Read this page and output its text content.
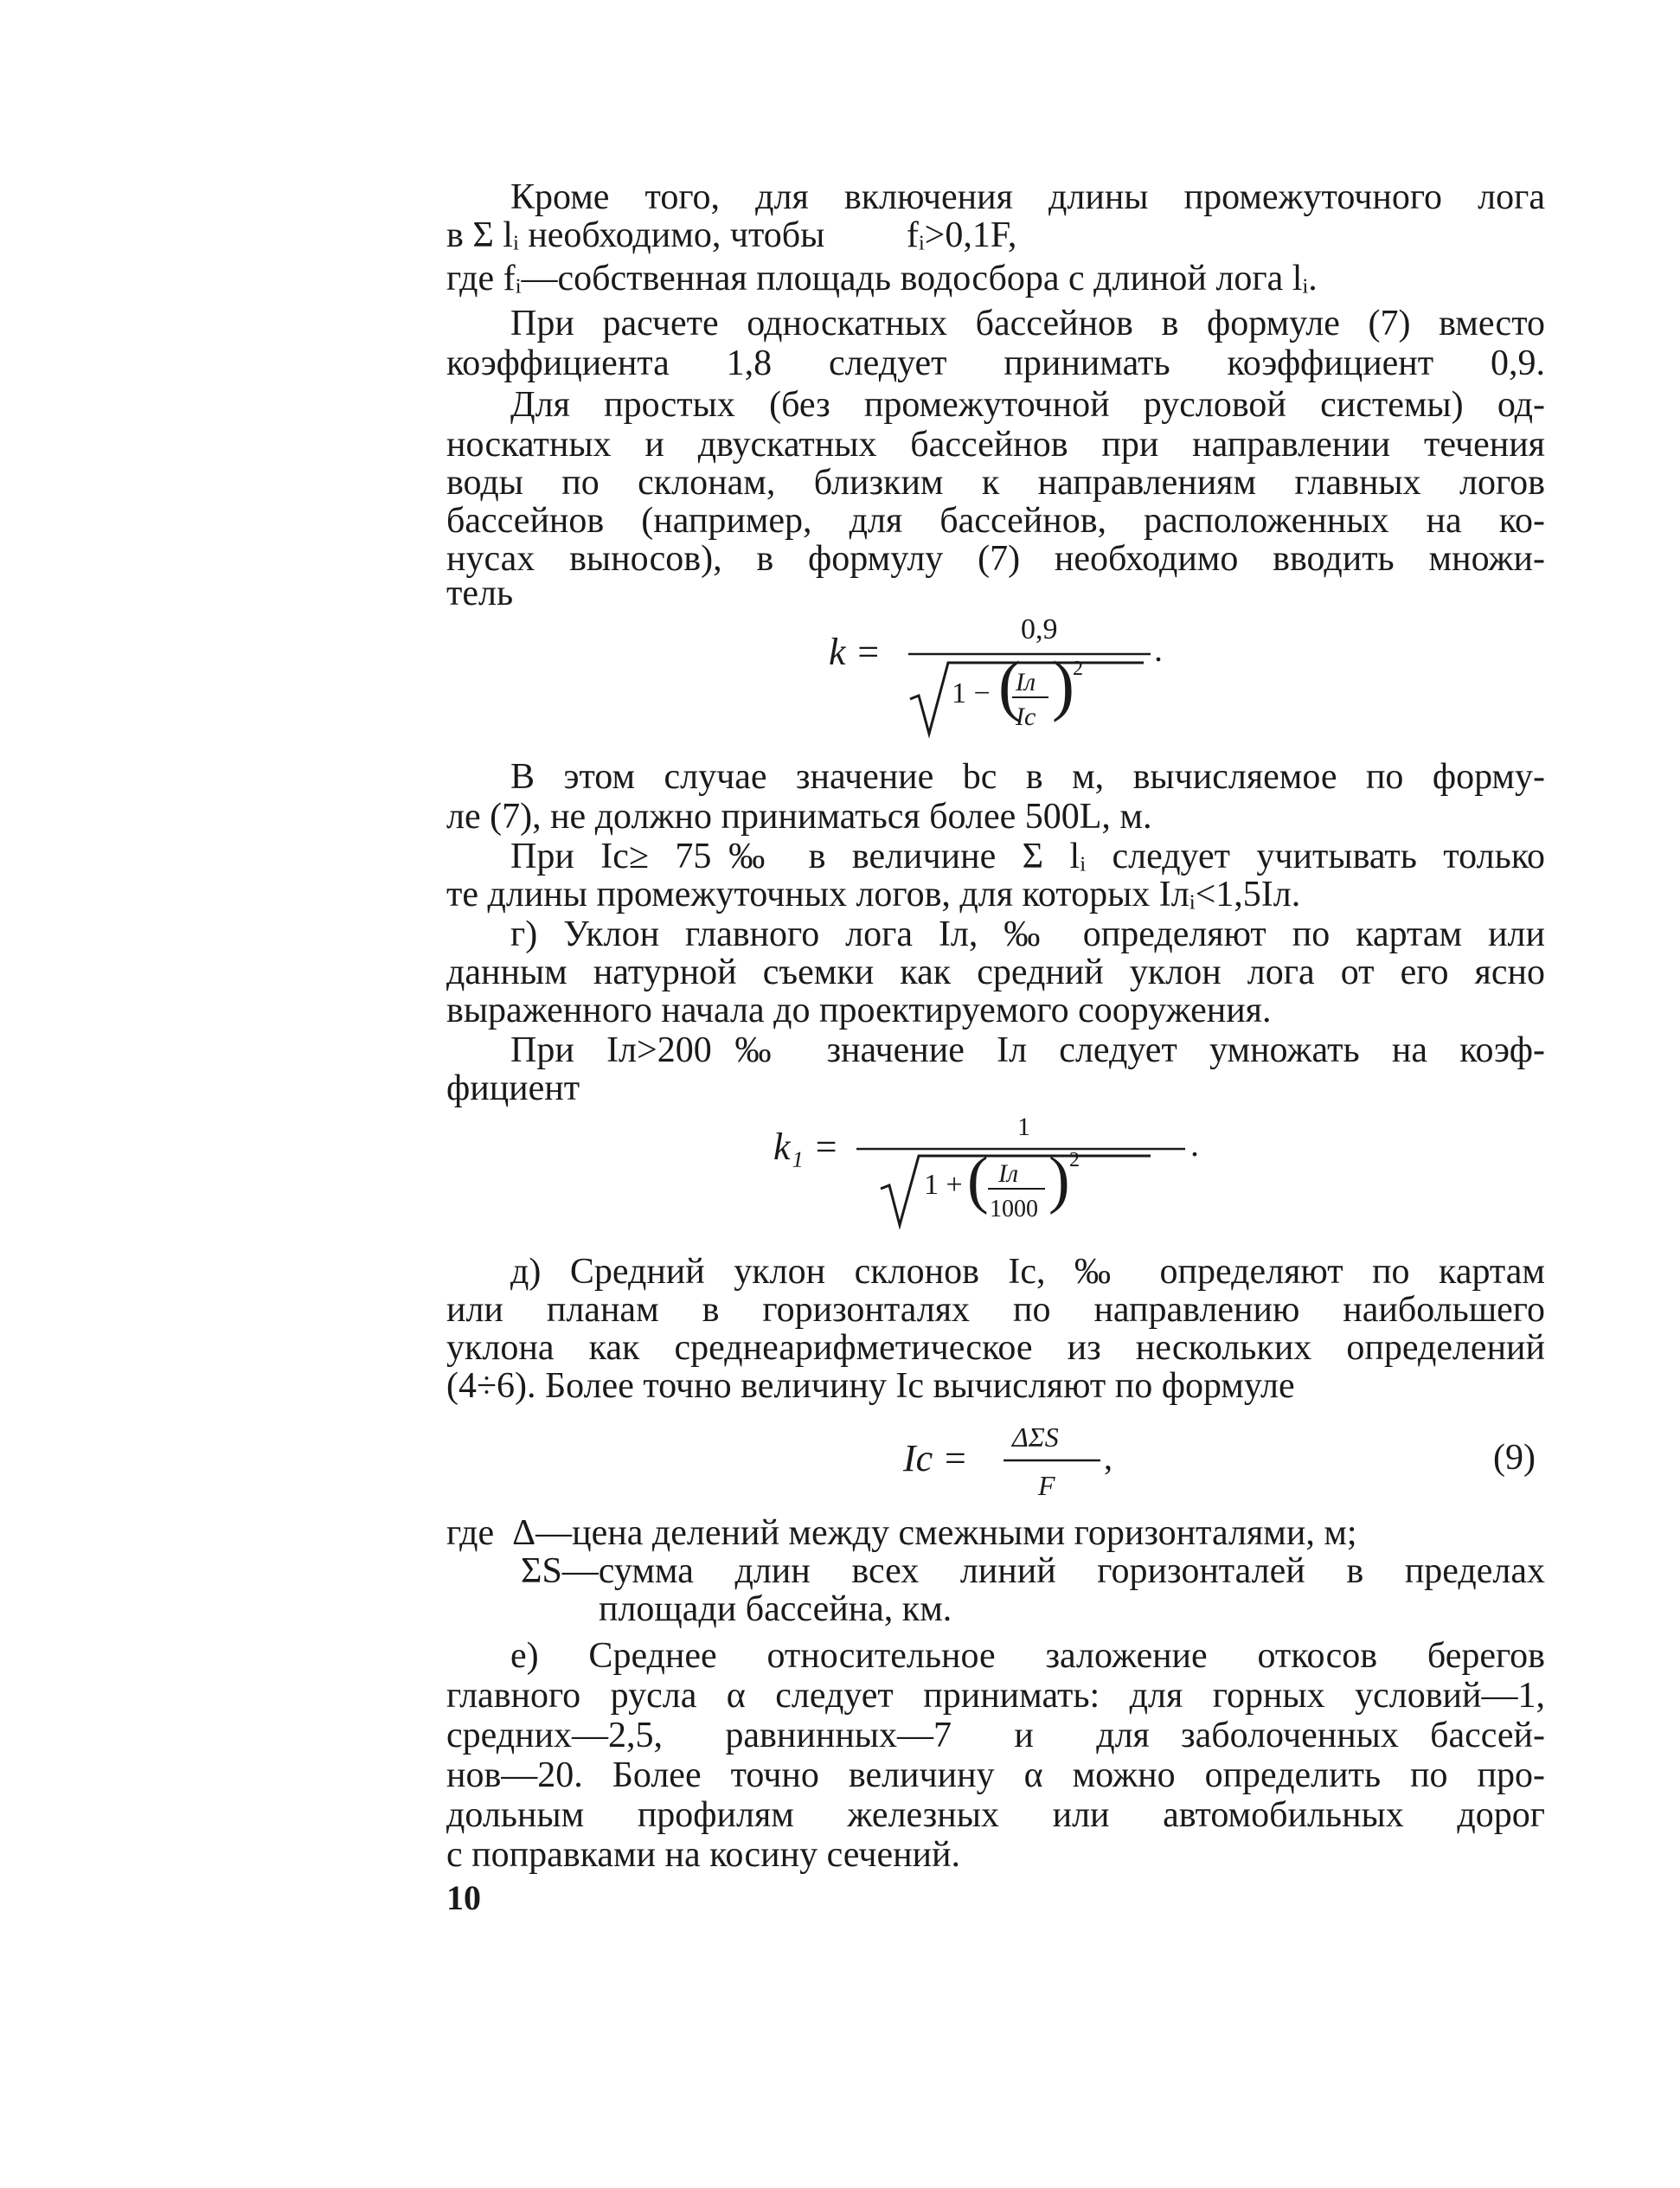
Кроме того, для включения длины промежуточного лога
в Σ lᵢ необходимо, чтобы         fᵢ>0,1F,
где fᵢ—собственная площадь водосбора с длиной лога lᵢ.
При расчете односкатных бассейнов в формуле (7) вместо
коэффициента 1,8 следует принимать коэффициент 0,9.
Для простых (без промежуточной русловой системы) од-
носкатных и двускатных бассейнов при направлении течения
воды по склонам, близким к направлениям главных логов
бассейнов (например, для бассейнов, расположенных на ко-
нусах выносов), в формулу (7) необходимо вводить множи-
тель
k =
0,9
1 − (
Iл
Iс )
2 .
В этом случае значение bс в м, вычисляемое по форму-
ле (7), не должно приниматься более 500L, м.
При Iс≥ 75‰ в величине Σ lᵢ следует учитывать только
те длины промежуточных логов, для которых Iлᵢ<1,5Iл.
г) Уклон главного лога Iл, ‰ определяют по картам или
данным натурной съемки как средний уклон лога от его ясно
выраженного начала до проектируемого сооружения.
При Iл>200‰ значение Iл следует умножать на коэф-
фициент
k₁ =	1
1 + ( Iл
1000 ) 2	.
д) Средний уклон склонов Iс, ‰ определяют по картам
или планам в горизонталях по направлению наибольшего
уклона как среднеарифметическое из нескольких определений
(4÷6). Более точно величину Iс вычисляют по формуле
Iс = ΔΣS
F
,	(9)
где  Δ—цена делений между смежными горизонталями, м;
ΣS—сумма длин всех линий горизонталей в пределах
площади бассейна, км.
е) Среднее относительное заложение откосов берегов
главного русла α следует принимать: для горных условий—1,
средних—2,5,  равнинных—7  и  для заболоченных бассей-
нов—20. Более точно величину α можно определить по про-
дольным  профилям  железных  или  автомобильных  дорог
с поправками на косину сечений.
10
